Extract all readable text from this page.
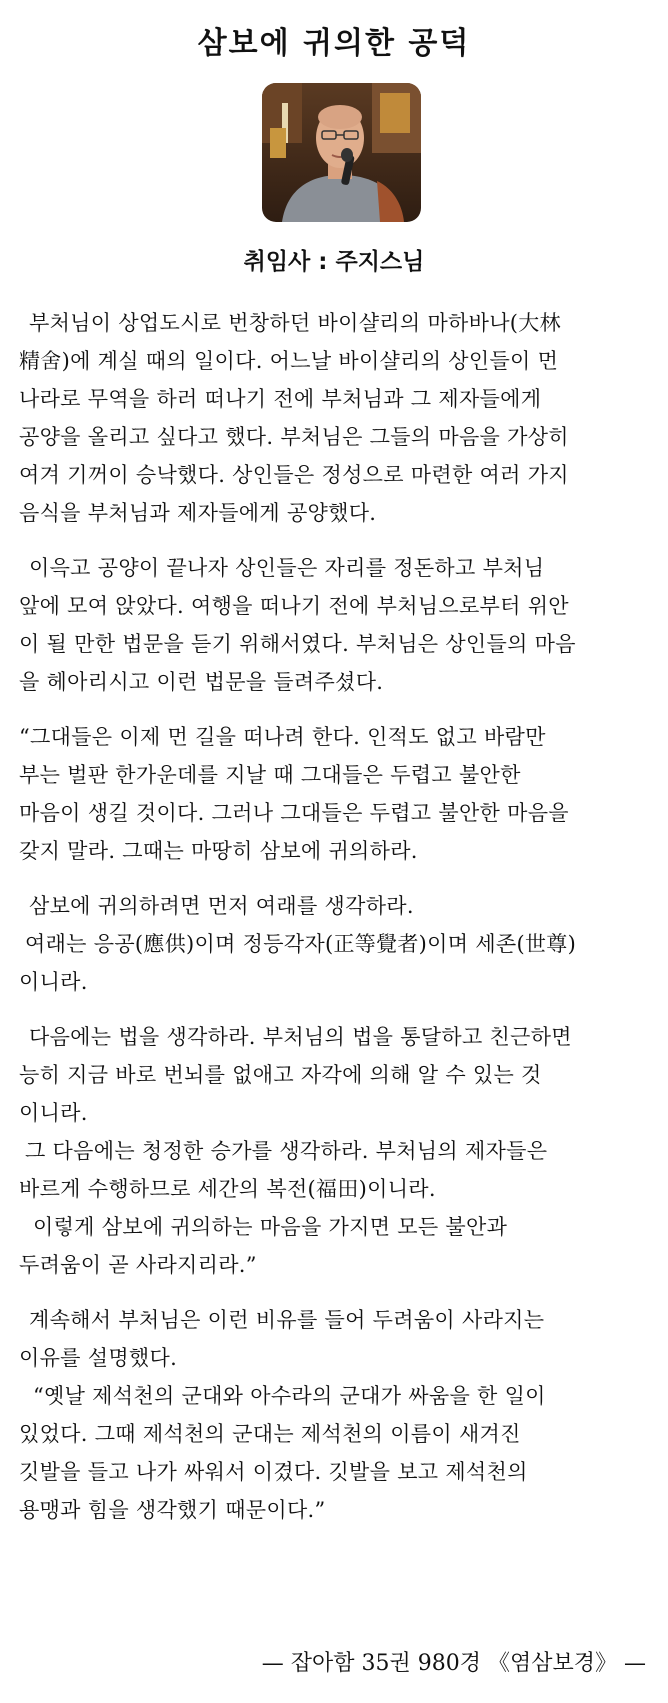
삼보에 귀의한 공덕
취임사 : 주지스님

부처님이 상업도시로 번창하던 바이샬리의 마하바나(大林
精舍)에 계실 때의 일이다. 어느날 바이샬리의 상인들이 먼
나라로 무역을 하러 떠나기 전에 부처님과 그 제자들에게
공양을 올리고 싶다고 했다. 부처님은 그들의 마음을 가상히
여겨 기꺼이 승낙했다. 상인들은 정성으로 마련한 여러 가지
음식을 부처님과 제자들에게 공양했다.

이윽고 공양이 끝나자 상인들은 자리를 정돈하고 부처님
앞에 모여 앉았다. 여행을 떠나기 전에 부처님으로부터 위안
이 될 만한 법문을 듣기 위해서였다. 부처님은 상인들의 마음
을 헤아리시고 이런 법문을 들려주셨다.

“그대들은 이제 먼 길을 떠나려 한다. 인적도 없고 바람만
부는 벌판 한가운데를 지날 때 그대들은 두렵고 불안한
마음이 생길 것이다. 그러나 그대들은 두렵고 불안한 마음을
갖지 말라. 그때는 마땅히 삼보에 귀의하라.

삼보에 귀의하려면 먼저 여래를 생각하라.
여래는 응공(應供)이며 정등각자(正等覺者)이며 세존(世尊)
이니라.

다음에는 법을 생각하라. 부처님의 법을 통달하고 친근하면
능히 지금 바로 번뇌를 없애고 자각에 의해 알 수 있는 것
이니라.
그 다음에는 청정한 승가를 생각하라. 부처님의 제자들은
바르게 수행하므로 세간의 복전(福田)이니라.
이렇게 삼보에 귀의하는 마음을 가지면 모든 불안과
두려움이 곧 사라지리라.”

계속해서 부처님은 이런 비유를 들어 두려움이 사라지는
이유를 설명했다.
“옛날 제석천의 군대와 아수라의 군대가 싸움을 한 일이
있었다. 그때 제석천의 군대는 제석천의 이름이 새겨진
깃발을 들고 나가 싸워서 이겼다. 깃발을 보고 제석천의
용맹과 힘을 생각했기 때문이다.”

— 잡아함 35권 980경 《염삼보경》 —
